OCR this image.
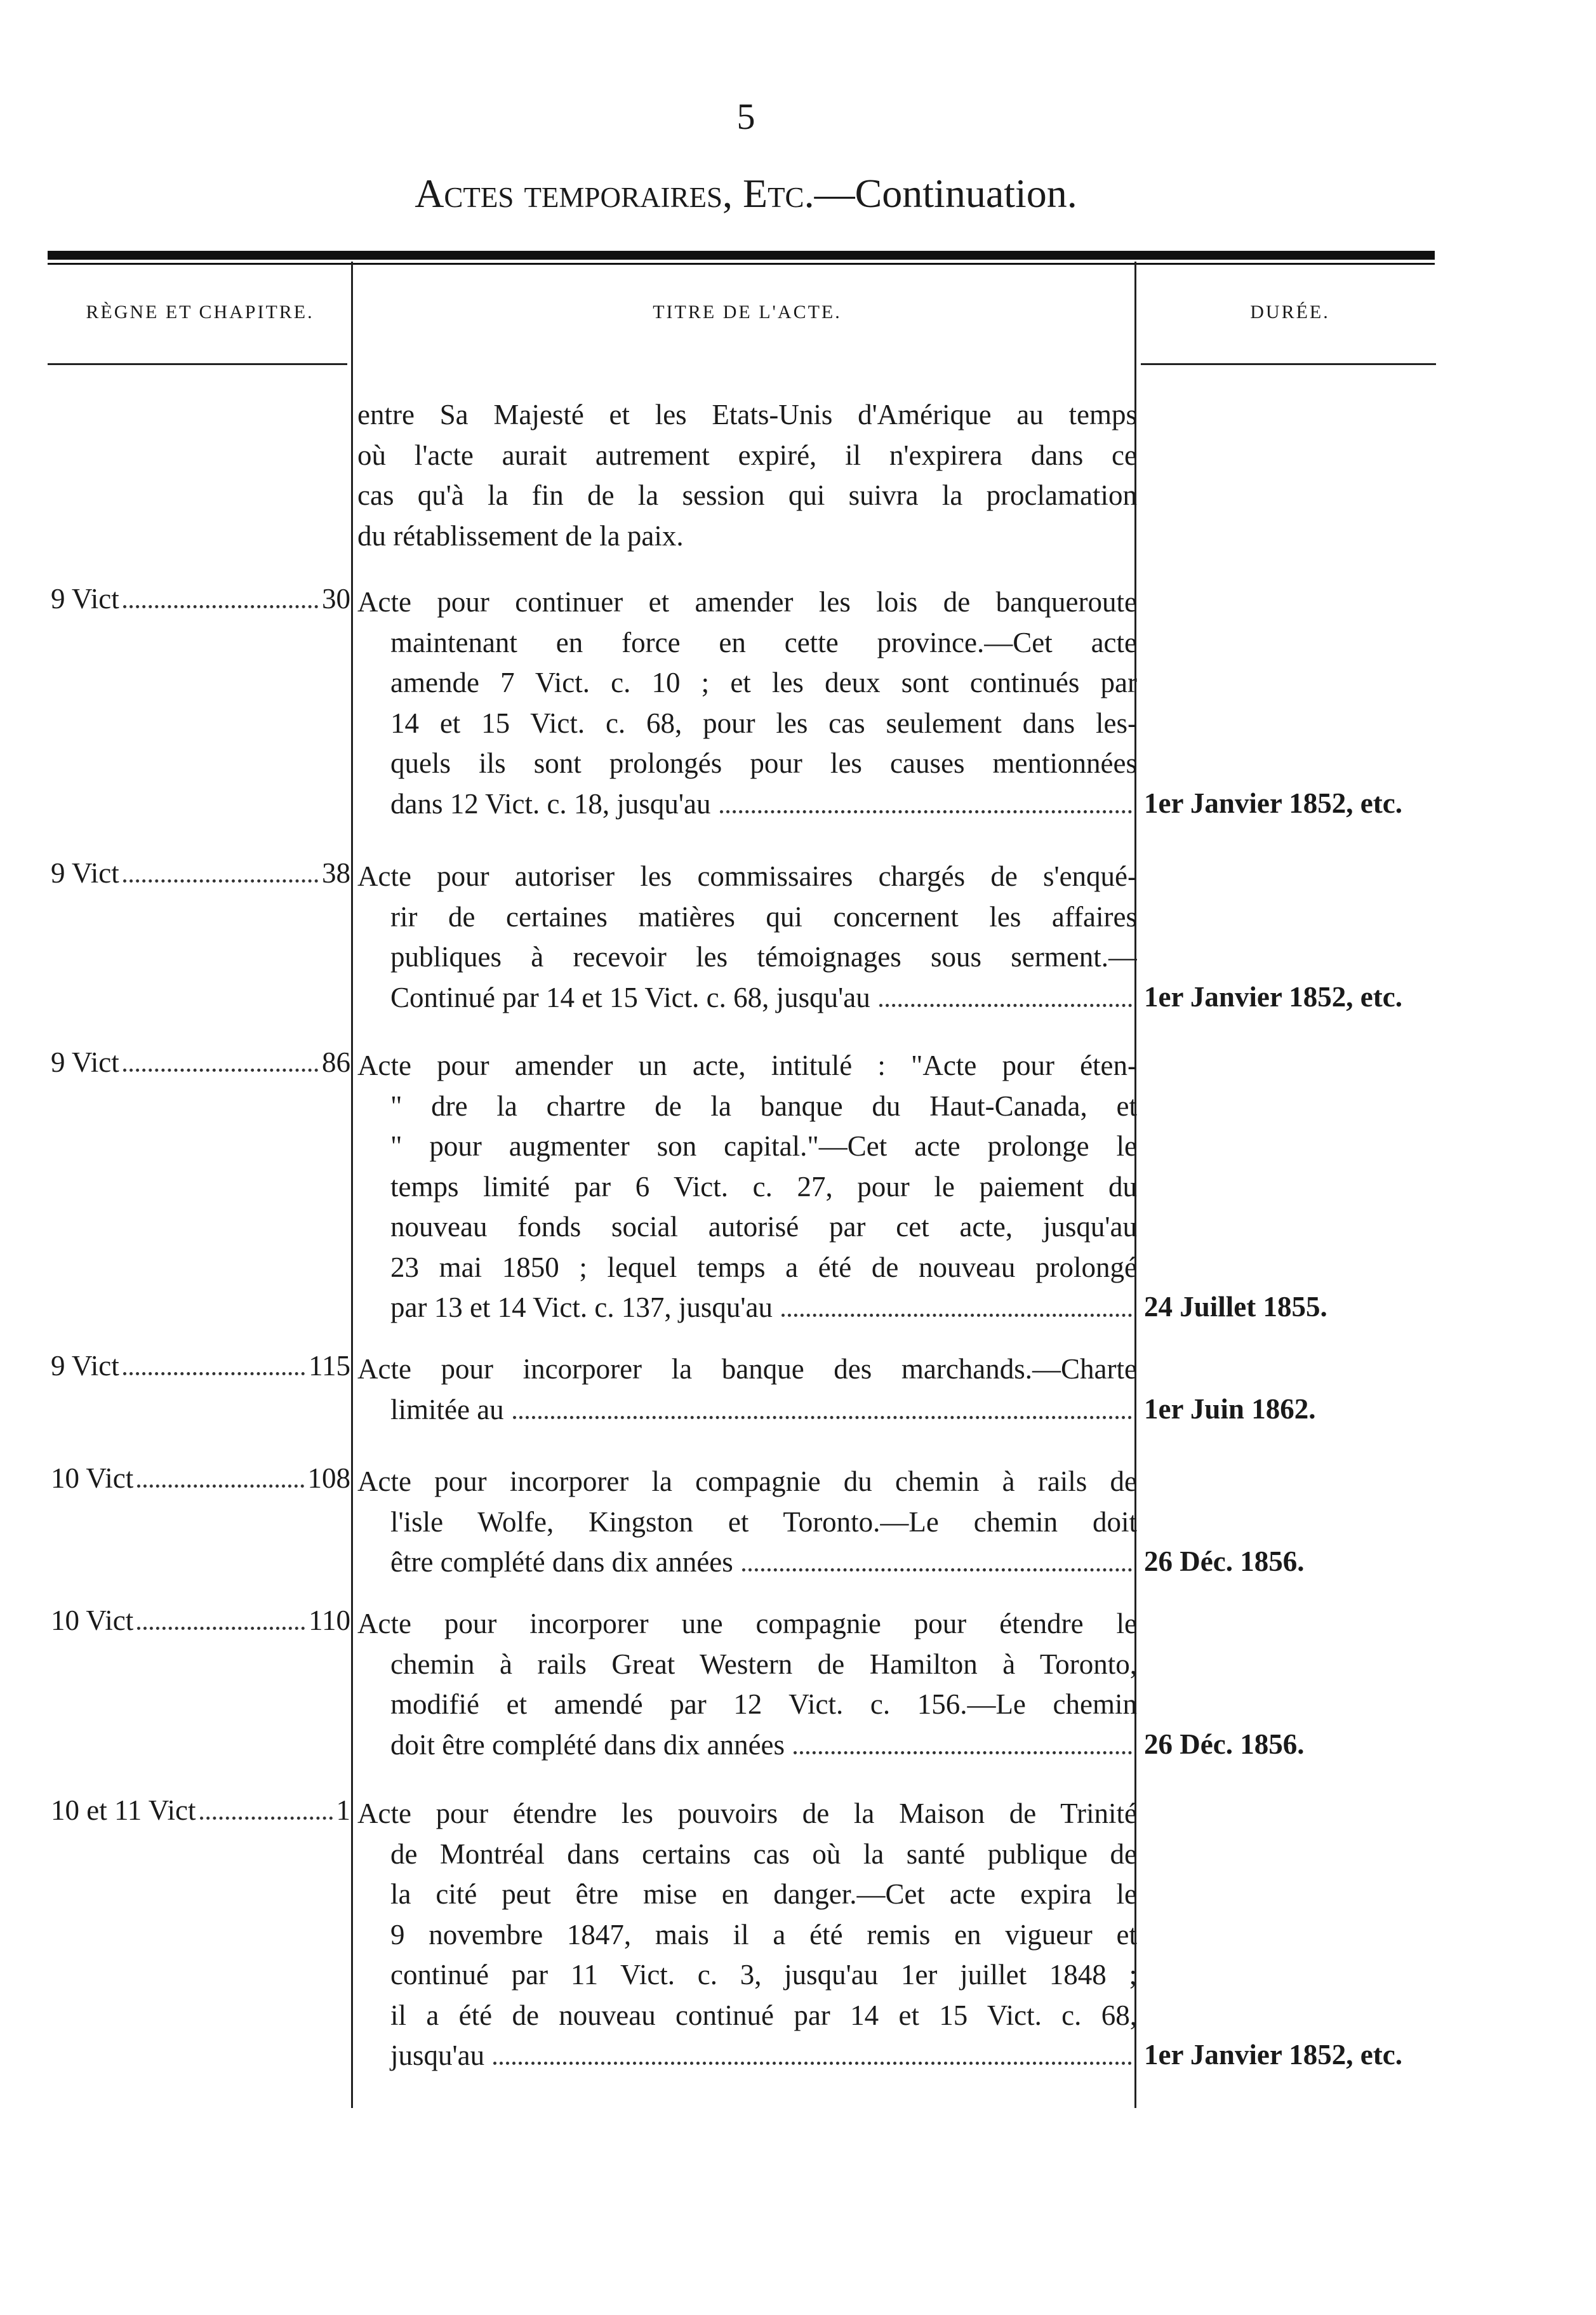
5
Actes temporaires, Etc.—Continuation.
RÈGNE ET CHAPITRE.	TITRE DE L'ACTE.	DURÉE.
entre Sa Majesté et les Etats-Unis d'Amérique au temps
où l'acte aurait autrement expiré, il n'expirera dans ce
cas qu'à la fin de la session qui suivra la proclamation
du rétablissement de la paix.
9 Vict	30 Acte pour continuer et amender les lois de banqueroute
maintenant en force en cette province.—Cet acte
amende 7 Vict. c. 10 ; et les deux sont continués par
14 et 15 Vict. c. 68, pour les cas seulement dans les-
quels ils sont prolongés pour les causes mentionnées
dans 12 Vict. c. 18, jusqu'au	1er Janvier 1852, etc.
9 Vict	38 Acte pour autoriser les commissaires chargés de s'enqué-
rir de certaines matières qui concernent les affaires
publiques à recevoir les témoignages sous serment.—
Continué par 14 et 15 Vict. c. 68, jusqu'au	1er Janvier 1852, etc.
9 Vict	86 Acte pour amender un acte, intitulé : "Acte pour éten-
" dre la chartre de la banque du Haut-Canada, et
" pour augmenter son capital."—Cet acte prolonge le
temps limité par 6 Vict. c. 27, pour le paiement du
nouveau fonds social autorisé par cet acte, jusqu'au
23 mai 1850 ; lequel temps a été de nouveau prolongé
par 13 et 14 Vict. c. 137, jusqu'au	24 Juillet 1855.
9 Vict	115 Acte pour incorporer la banque des marchands.—Charte
limitée au	1er Juin 1862.
10 Vict	108 Acte pour incorporer la compagnie du chemin à rails de
l'isle Wolfe, Kingston et Toronto.—Le chemin doit
être complété dans dix années	26 Déc. 1856.
10 Vict	110 Acte pour incorporer une compagnie pour étendre le
chemin à rails Great Western de Hamilton à Toronto,
modifié et amendé par 12 Vict. c. 156.—Le chemin
doit être complété dans dix années	26 Déc. 1856.
10 et 11 Vict	1 Acte pour étendre les pouvoirs de la Maison de Trinité
de Montréal dans certains cas où la santé publique de
la cité peut être mise en danger.—Cet acte expira le
9 novembre 1847, mais il a été remis en vigueur et
continué par 11 Vict. c. 3, jusqu'au 1er juillet 1848 ;
il a été de nouveau continué par 14 et 15 Vict. c. 68,
jusqu'au	1er Janvier 1852, etc.
